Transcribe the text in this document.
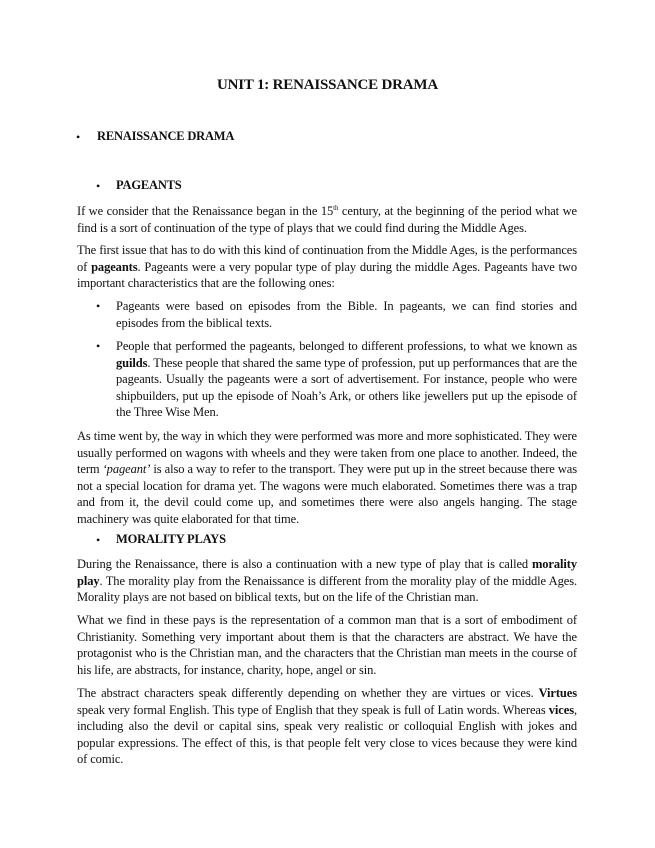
UNIT 1: RENAISSANCE DRAMA
• RENAISSANCE DRAMA
• PAGEANTS
If we consider that the Renaissance began in the 15th century, at the beginning of the period what we find is a sort of continuation of the type of plays that we could find during the Middle Ages.
The first issue that has to do with this kind of continuation from the Middle Ages, is the performances of pageants. Pageants were a very popular type of play during the middle Ages. Pageants have two important characteristics that are the following ones:
• Pageants were based on episodes from the Bible. In pageants, we can find stories and episodes from the biblical texts.
• People that performed the pageants, belonged to different professions, to what we known as guilds. These people that shared the same type of profession, put up performances that are the pageants. Usually the pageants were a sort of advertisement. For instance, people who were shipbuilders, put up the episode of Noah’s Ark, or others like jewellers put up the episode of the Three Wise Men.
As time went by, the way in which they were performed was more and more sophisticated. They were usually performed on wagons with wheels and they were taken from one place to another. Indeed, the term ‘pageant’ is also a way to refer to the transport. They were put up in the street because there was not a special location for drama yet. The wagons were much elaborated. Sometimes there was a trap and from it, the devil could come up, and sometimes there were also angels hanging. The stage machinery was quite elaborated for that time.
• MORALITY PLAYS
During the Renaissance, there is also a continuation with a new type of play that is called morality play. The morality play from the Renaissance is different from the morality play of the middle Ages. Morality plays are not based on biblical texts, but on the life of the Christian man.
What we find in these pays is the representation of a common man that is a sort of embodiment of Christianity. Something very important about them is that the characters are abstract. We have the protagonist who is the Christian man, and the characters that the Christian man meets in the course of his life, are abstracts, for instance, charity, hope, angel or sin.
The abstract characters speak differently depending on whether they are virtues or vices. Virtues speak very formal English. This type of English that they speak is full of Latin words. Whereas vices, including also the devil or capital sins, speak very realistic or colloquial English with jokes and popular expressions. The effect of this, is that people felt very close to vices because they were kind of comic.
